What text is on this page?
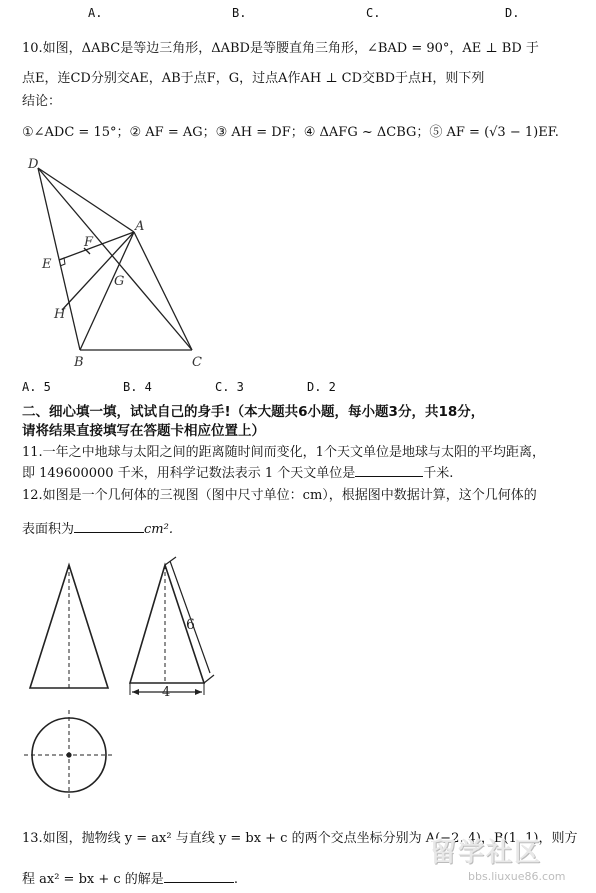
A.	B.	C.	D.
10.如图，ΔABC是等边三角形，ΔABD是等腰直角三角形，∠BAD = 90°，AE ⊥ BD 于
点E，连CD分别交AE，AB于点F，G，过点A作AH ⊥ CD交BD于点H，则下列
结论：
①∠ADC = 15°；② AF = AG；③ AH = DF；④ ΔAFG ~ ΔCBG；⑤ AF = (√3 − 1)EF.
D
A
F
E
G
H
B	C
A. 5	B. 4	C. 3	D. 2
二、细心填一填，试试自己的身手!（本大题共6小题，每小题3分，共18分，
请将结果直接填写在答题卡相应位置上）
11.一年之中地球与太阳之间的距离随时间而变化，1个天文单位是地球与太阳的平均距离，
即 149600000 千米，用科学记数法表示 1 个天文单位是	千米.
12.如图是一个几何体的三视图（图中尺寸单位：cm），根据图中数据计算，这个几何体的
表面积为	cm².
6
4
13.如图，抛物线 y = ax² 与直线 y = bx + c 的两个交点坐标分别为 A(−2, 4)，B(1, 1)，则方
程 ax² = bx + c 的解是	.
留学社区
bbs.liuxue86.com
